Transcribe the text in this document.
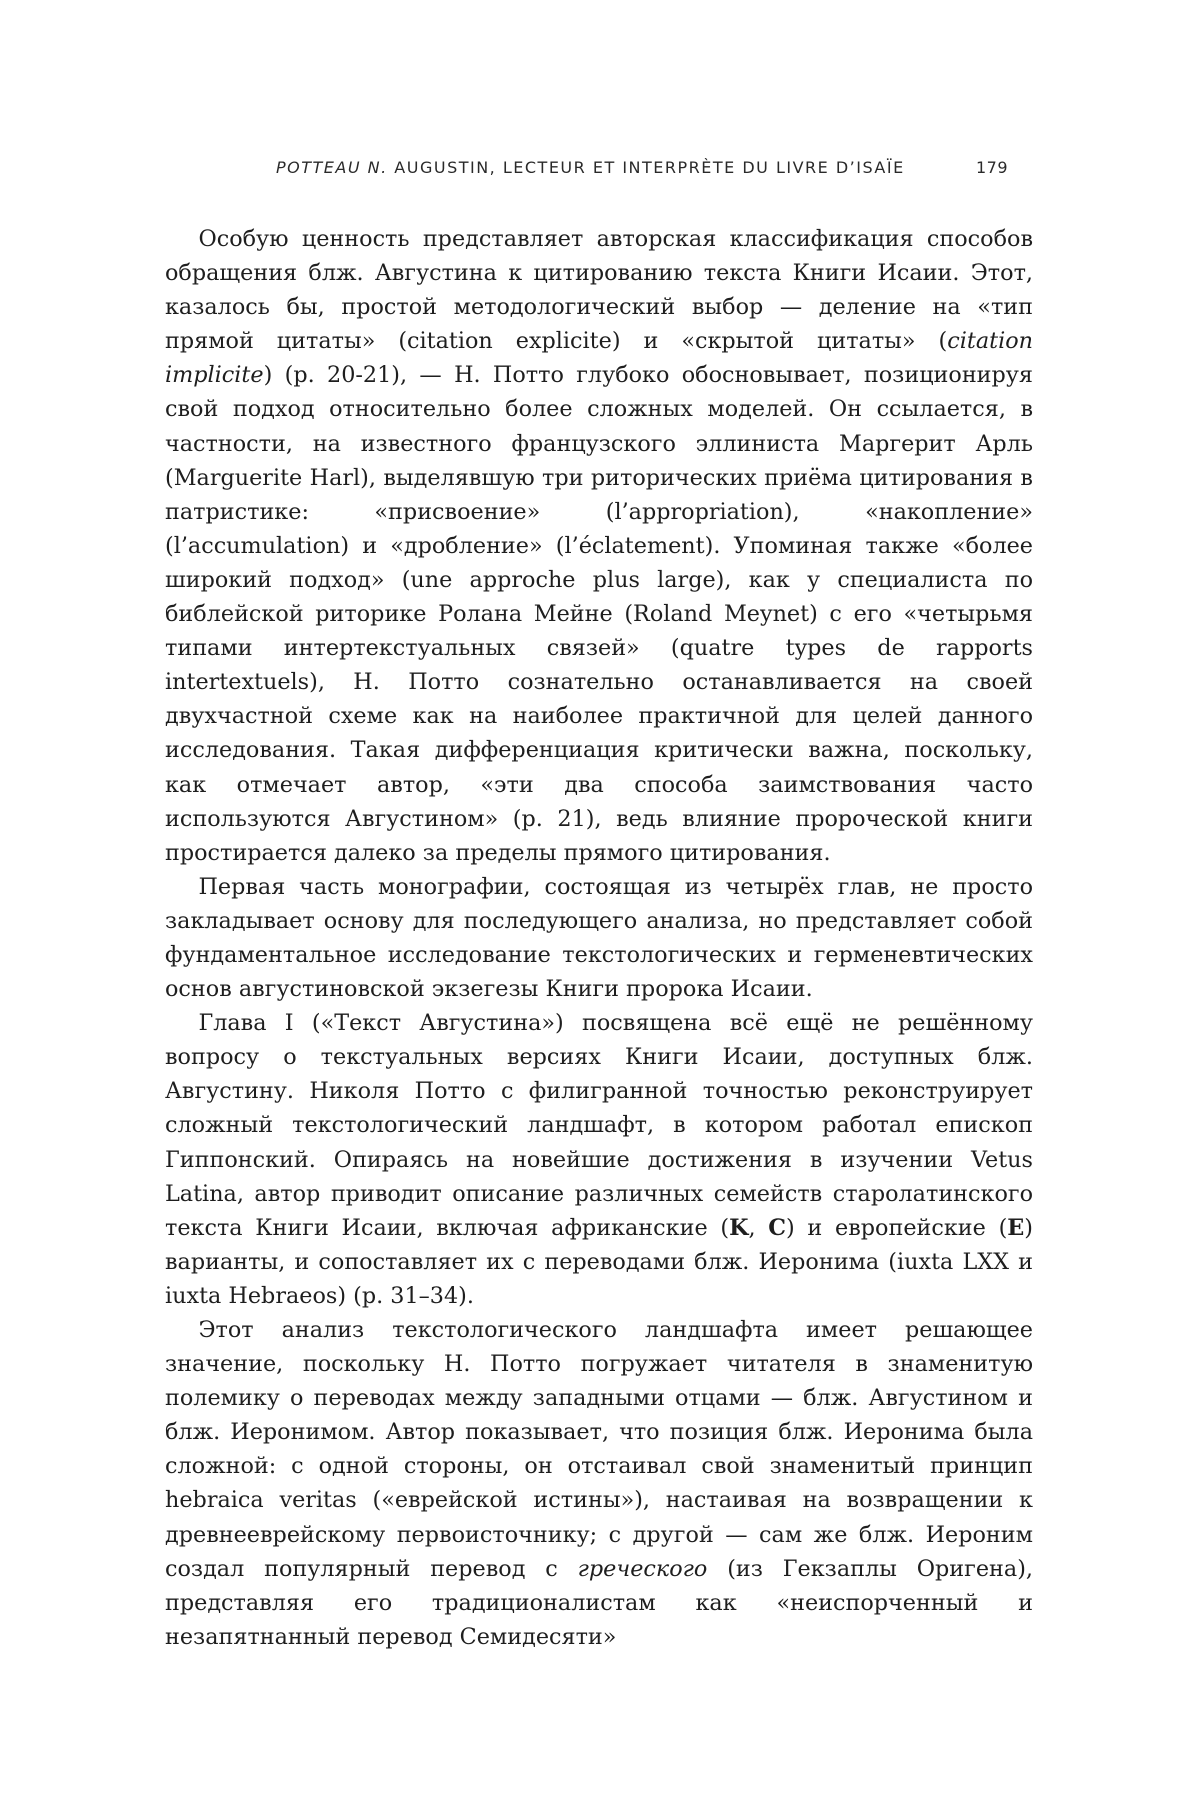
POTTEAU N. AUGUSTIN, LECTEUR ET INTERPRÈTE DU LIVRE D’ISAÏE	179

Особую ценность представляет авторская классификация способов обращения блж. Августина к цитированию текста Книги Исаии. Этот, казалось бы, простой методологический выбор — деление на «тип прямой цитаты» (citation explicite) и «скрытой цитаты» (citation implicite) (p. 20-21), — Н. Потто глубоко обосновывает, позиционируя свой подход относительно более сложных моделей. Он ссылается, в частности, на известного французского эллиниста Маргерит Арль (Marguerite Harl), выделявшую три риторических приёма цитирования в патристике: «присвоение» (l’appropriation), «накопление» (l’accumulation) и «дробление» (l’éclatement). Упоминая также «более широкий подход» (une approche plus large), как у специалиста по библейской риторике Ролана Мейне (Roland Meynet) с его «четырьмя типами интертекстуальных связей» (quatre types de rapports intertextuels), Н. Потто сознательно останавливается на своей двухчастной схеме как на наиболее практичной для целей данного исследования. Такая дифференциация критически важна, поскольку, как отмечает автор, «эти два способа заимствования часто используются Августином» (p. 21), ведь влияние пророческой книги простирается далеко за пределы прямого цитирования.

Первая часть монографии, состоящая из четырёх глав, не просто закладывает основу для последующего анализа, но представляет собой фундаментальное исследование текстологических и герменевтических основ августиновской экзегезы Книги пророка Исаии.

Глава I («Текст Августина») посвящена всё ещё не решённому вопросу о текстуальных версиях Книги Исаии, доступных блж. Августину. Николя Потто с филигранной точностью реконструирует сложный текстологический ландшафт, в котором работал епископ Гиппонский. Опираясь на новейшие достижения в изучении Vetus Latina, автор приводит описание различных семейств старолатинского текста Книги Исаии, включая африканские (K, C) и европейские (E) варианты, и сопоставляет их с переводами блж. Иеронима (iuxta LXX и iuxta Hebraeos) (p. 31–34).

Этот анализ текстологического ландшафта имеет решающее значение, поскольку Н. Потто погружает читателя в знаменитую полемику о переводах между западными отцами — блж. Августином и блж. Иеронимом. Автор показывает, что позиция блж. Иеронима была сложной: с одной стороны, он отстаивал свой знаменитый принцип hebraica veritas («еврейской истины»), настаивая на возвращении к древнееврейскому первоисточнику; с другой — сам же блж. Иероним создал популярный перевод с греческого (из Гекзаплы Оригена), представляя его традиционалистам как «неиспорченный и незапятнанный перевод Семидесяти»
